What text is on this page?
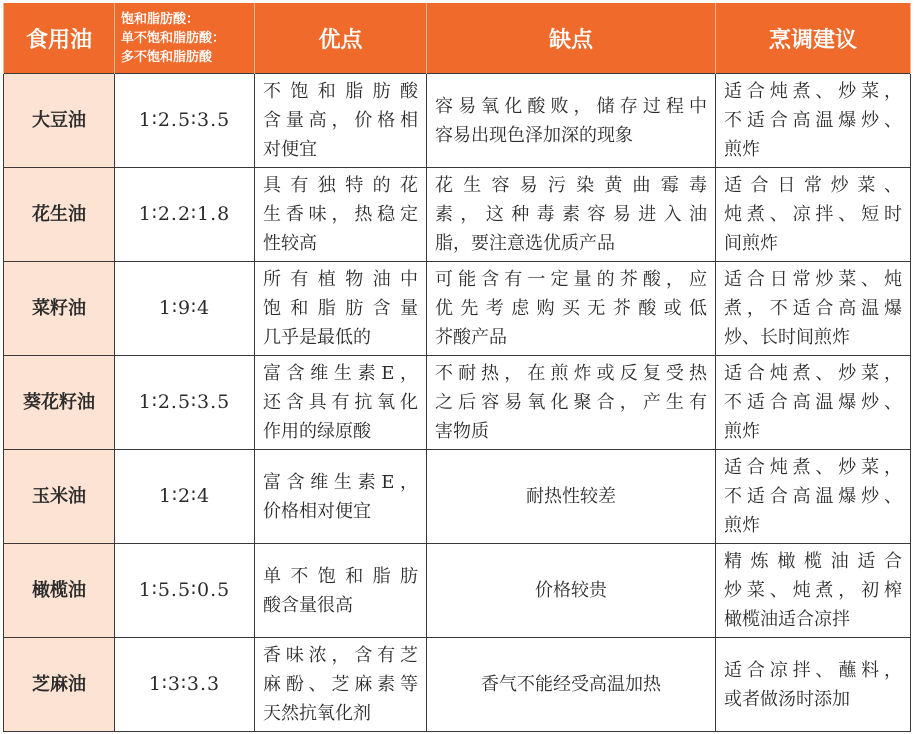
食用油	饱和脂肪酸：
单不饱和脂肪酸：
多不饱和脂肪酸	优点	缺点	烹调建议
大豆油	1∶2.5∶3.5	不饱和脂肪酸
含量高，价格相
对便宜	容易氧化酸败，储存过程中
容易出现色泽加深的现象	适合炖煮、炒菜，
不适合高温爆炒、
煎炸

花生油	1∶2.2∶1.8	具有独特的花
生香味，热稳定
性较高	花生容易污染黄曲霉毒
素，这种毒素容易进入油
脂，要注意选优质产品	适合日常炒菜、
炖煮、凉拌、短时
间煎炸

菜籽油	1∶9∶4	所有植物油中
饱和脂肪含量
几乎是最低的	可能含有一定量的芥酸，应
优先考虑购买无芥酸或低
芥酸产品	适合日常炒菜、炖
煮，不适合高温爆
炒、长时间煎炸

葵花籽油	1∶2.5∶3.5	富含维生素E，
还含具有抗氧化
作用的绿原酸	不耐热，在煎炸或反复受热
之后容易氧化聚合，产生有
害物质	适合炖煮、炒菜，
不适合高温爆炒、
煎炸

玉米油	1∶2∶4	富含维生素E，
价格相对便宜	耐热性较差	适合炖煮、炒菜，
不适合高温爆炒、
煎炸

橄榄油	1∶5.5∶0.5	单不饱和脂肪
酸含量很高	价格较贵	精炼橄榄油适合
炒菜、炖煮，初榨
橄榄油适合凉拌

芝麻油	1∶3∶3.3	香味浓，含有芝
麻酚、芝麻素等
天然抗氧化剂	香气不能经受高温加热	适合凉拌、蘸料，
或者做汤时添加
